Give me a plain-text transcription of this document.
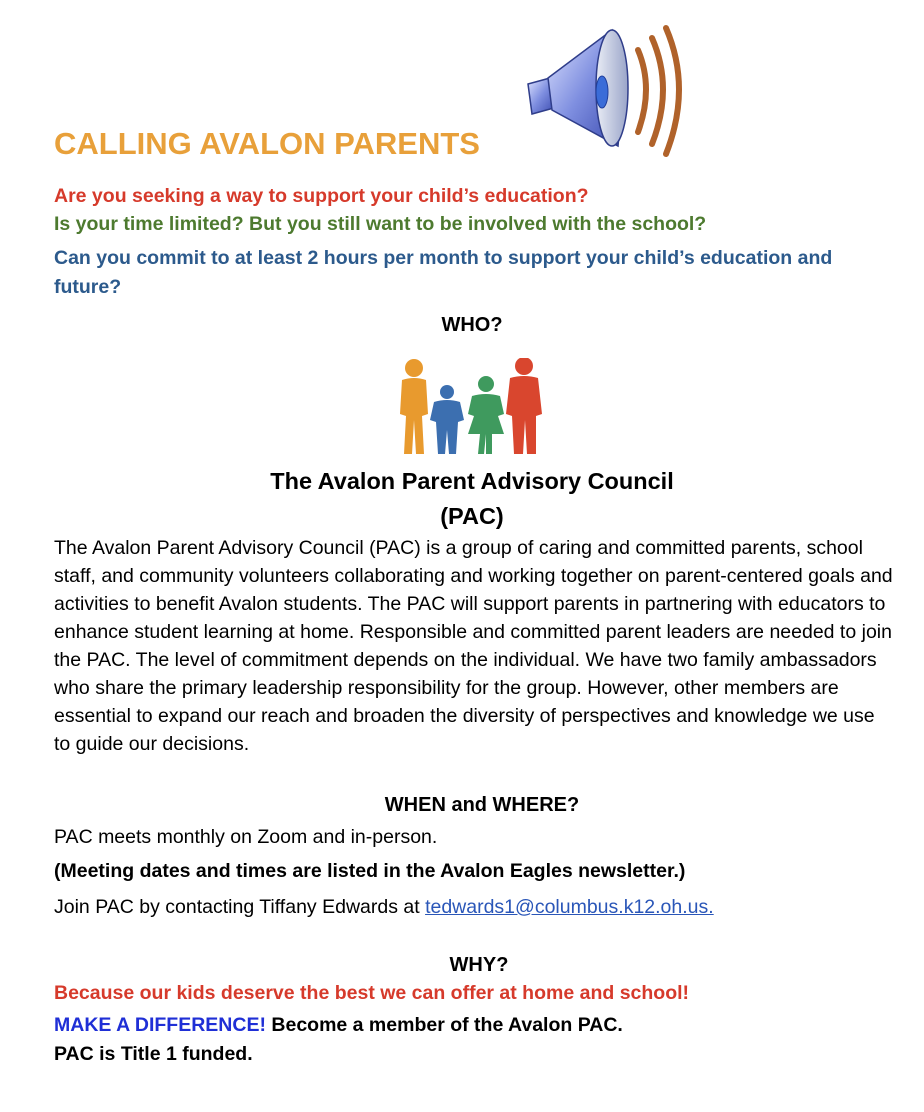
CALLING AVALON PARENTS
Are you seeking a way to support your child’s education?
Is your time limited? But you still want to be involved with the school?
Can you commit to at least 2 hours per month to support your child’s education and future?
WHO?
The Avalon Parent Advisory Council
(PAC)
The Avalon Parent Advisory Council (PAC) is a group of caring and committed parents, school staff, and community volunteers collaborating and working together on parent-centered goals and activities to benefit Avalon students. The PAC will support parents in partnering with educators to enhance student learning at home. Responsible and committed parent leaders are needed to join the PAC. The level of commitment depends on the individual. We have two family ambassadors who share the primary leadership responsibility for the group. However, other members are essential to expand our reach and broaden the diversity of perspectives and knowledge we use to guide our decisions.
WHEN and WHERE?
PAC meets monthly on Zoom and in-person.
(Meeting dates and times are listed in the Avalon Eagles newsletter.)
Join PAC by contacting Tiffany Edwards at tedwards1@columbus.k12.oh.us.
WHY?
Because our kids deserve the best we can offer at home and school!
MAKE A DIFFERENCE! Become a member of the Avalon PAC.
PAC is Title 1 funded.
